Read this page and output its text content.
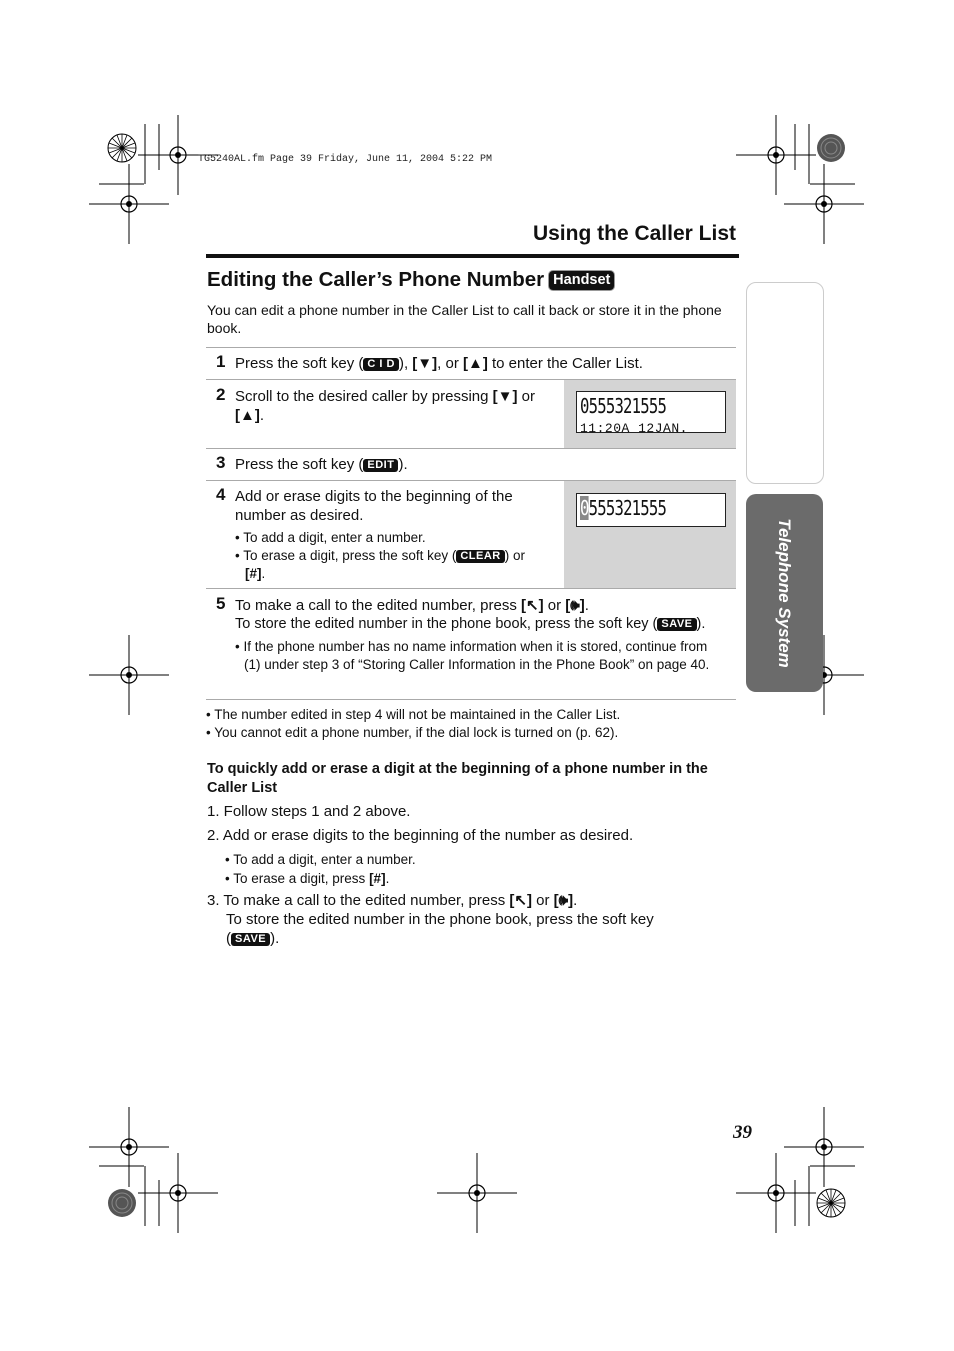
TG5240AL.fm Page 39 Friday, June 11, 2004 5:22 PM
Using the Caller List
Editing the Caller’s Phone Number Handset
You can edit a phone number in the Caller List to call it back or store it in the phone book.
1 Press the soft key ( C I D ), [▼], or [▲] to enter the Caller List.
2 Scroll to the desired caller by pressing [▼] or
[▲].	0555321555
11:20A 12JAN.
3 Press the soft key ( EDIT ).
4 Add or erase digits to the beginning of the number as desired.
• To add a digit, enter a number.
• To erase a digit, press the soft key ( CLEAR ) or
[#].
0555321555
5 To make a call to the edited number, press [↖] or [🕪].
To store the edited number in the phone book, press the soft key ( SAVE ).
• If the phone number has no name information when it is stored, continue from (1) under step 3 of “Storing Caller Information in the Phone Book” on page 40.
• The number edited in step 4 will not be maintained in the Caller List.
• You cannot edit a phone number, if the dial lock is turned on (p. 62).
To quickly add or erase a digit at the beginning of a phone number in the Caller List
1. Follow steps 1 and 2 above.
2. Add or erase digits to the beginning of the number as desired.
• To add a digit, enter a number.
• To erase a digit, press [#].
3. To make a call to the edited number, press [↖] or [🕪].
To store the edited number in the phone book, press the soft key
( SAVE ).
Telephone System
39
